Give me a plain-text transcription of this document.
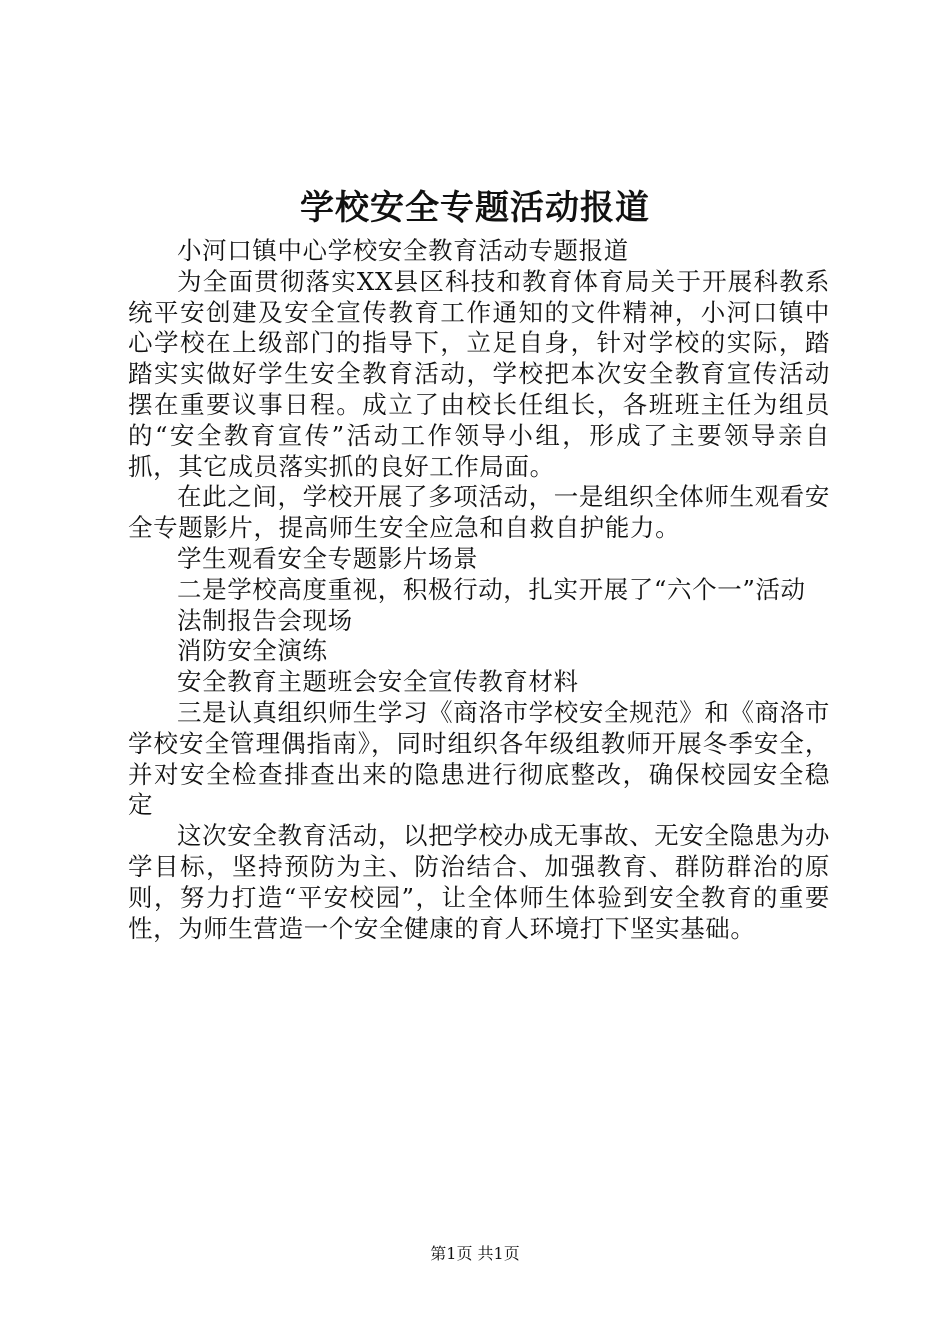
学校安全专题活动报道

小河口镇中心学校安全教育活动专题报道

为全面贯彻落实XX县区科技和教育体育局关于开展科教系统平安创建及安全宣传教育工作通知的文件精神，小河口镇中心学校在上级部门的指导下，立足自身，针对学校的实际，踏踏实实做好学生安全教育活动，学校把本次安全教育宣传活动摆在重要议事日程。成立了由校长任组长，各班班主任为组员的“安全教育宣传”活动工作领导小组，形成了主要领导亲自抓，其它成员落实抓的良好工作局面。

在此之间，学校开展了多项活动，一是组织全体师生观看安全专题影片，提高师生安全应急和自救自护能力。

学生观看安全专题影片场景

二是学校高度重视，积极行动，扎实开展了“六个一”活动

法制报告会现场

消防安全演练

安全教育主题班会安全宣传教育材料

三是认真组织师生学习《商洛市学校安全规范》和《商洛市学校安全管理偶指南》，同时组织各年级组教师开展冬季安全，并对安全检查排查出来的隐患进行彻底整改，确保校园安全稳定

这次安全教育活动，以把学校办成无事故、无安全隐患为办学目标，坚持预防为主、防治结合、加强教育、群防群治的原则，努力打造“平安校园”，让全体师生体验到安全教育的重要性，为师生营造一个安全健康的育人环境打下坚实基础。

第1页 共1页
